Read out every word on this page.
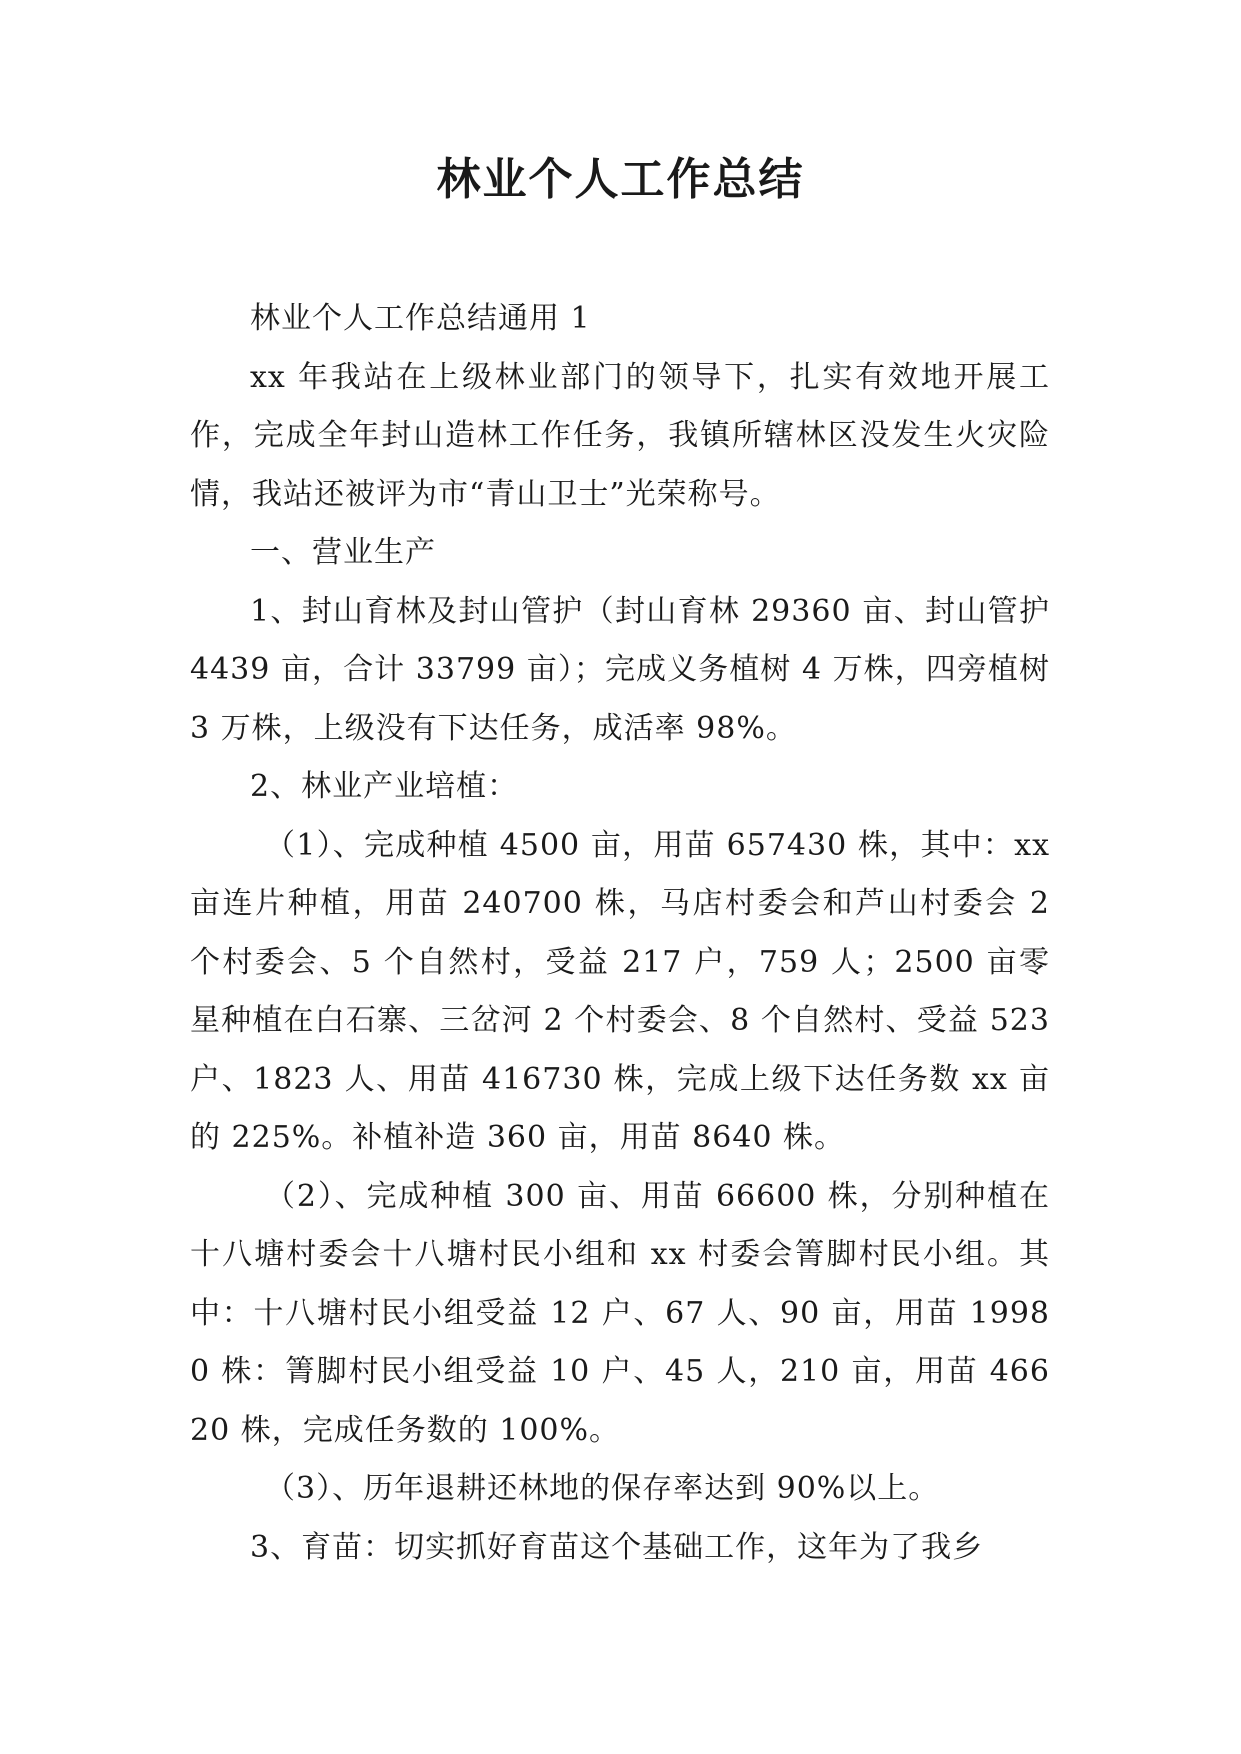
林业个人工作总结

林业个人工作总结通用 1

xx 年我站在上级林业部门的领导下，扎实有效地开展工作，完成全年封山造林工作任务，我镇所辖林区没发生火灾险情，我站还被评为市“青山卫士”光荣称号。

一、营业生产

1、封山育林及封山管护（封山育林 29360 亩、封山管护 4439 亩，合计 33799 亩）；完成义务植树 4 万株，四旁植树 3 万株，上级没有下达任务，成活率 98%。

2、林业产业培植：

（1）、完成种植 4500 亩，用苗 657430 株，其中：xx 亩连片种植，用苗 240700 株，马店村委会和芦山村委会 2 个村委会、5 个自然村，受益 217 户，759 人；2500 亩零星种植在白石寨、三岔河 2 个村委会、8 个自然村、受益 523 户、1823 人、用苗 416730 株，完成上级下达任务数 xx 亩的 225%。补植补造 360 亩，用苗 8640 株。

（2）、完成种植 300 亩、用苗 66600 株，分别种植在十八塘村委会十八塘村民小组和 xx 村委会箐脚村民小组。其中：十八塘村民小组受益 12 户、67 人、90 亩，用苗 19980 株：箐脚村民小组受益 10 户、45 人，210 亩，用苗 46620 株，完成任务数的 100%。

（3）、历年退耕还林地的保存率达到 90%以上。

3、育苗：切实抓好育苗这个基础工作，这年为了我乡
